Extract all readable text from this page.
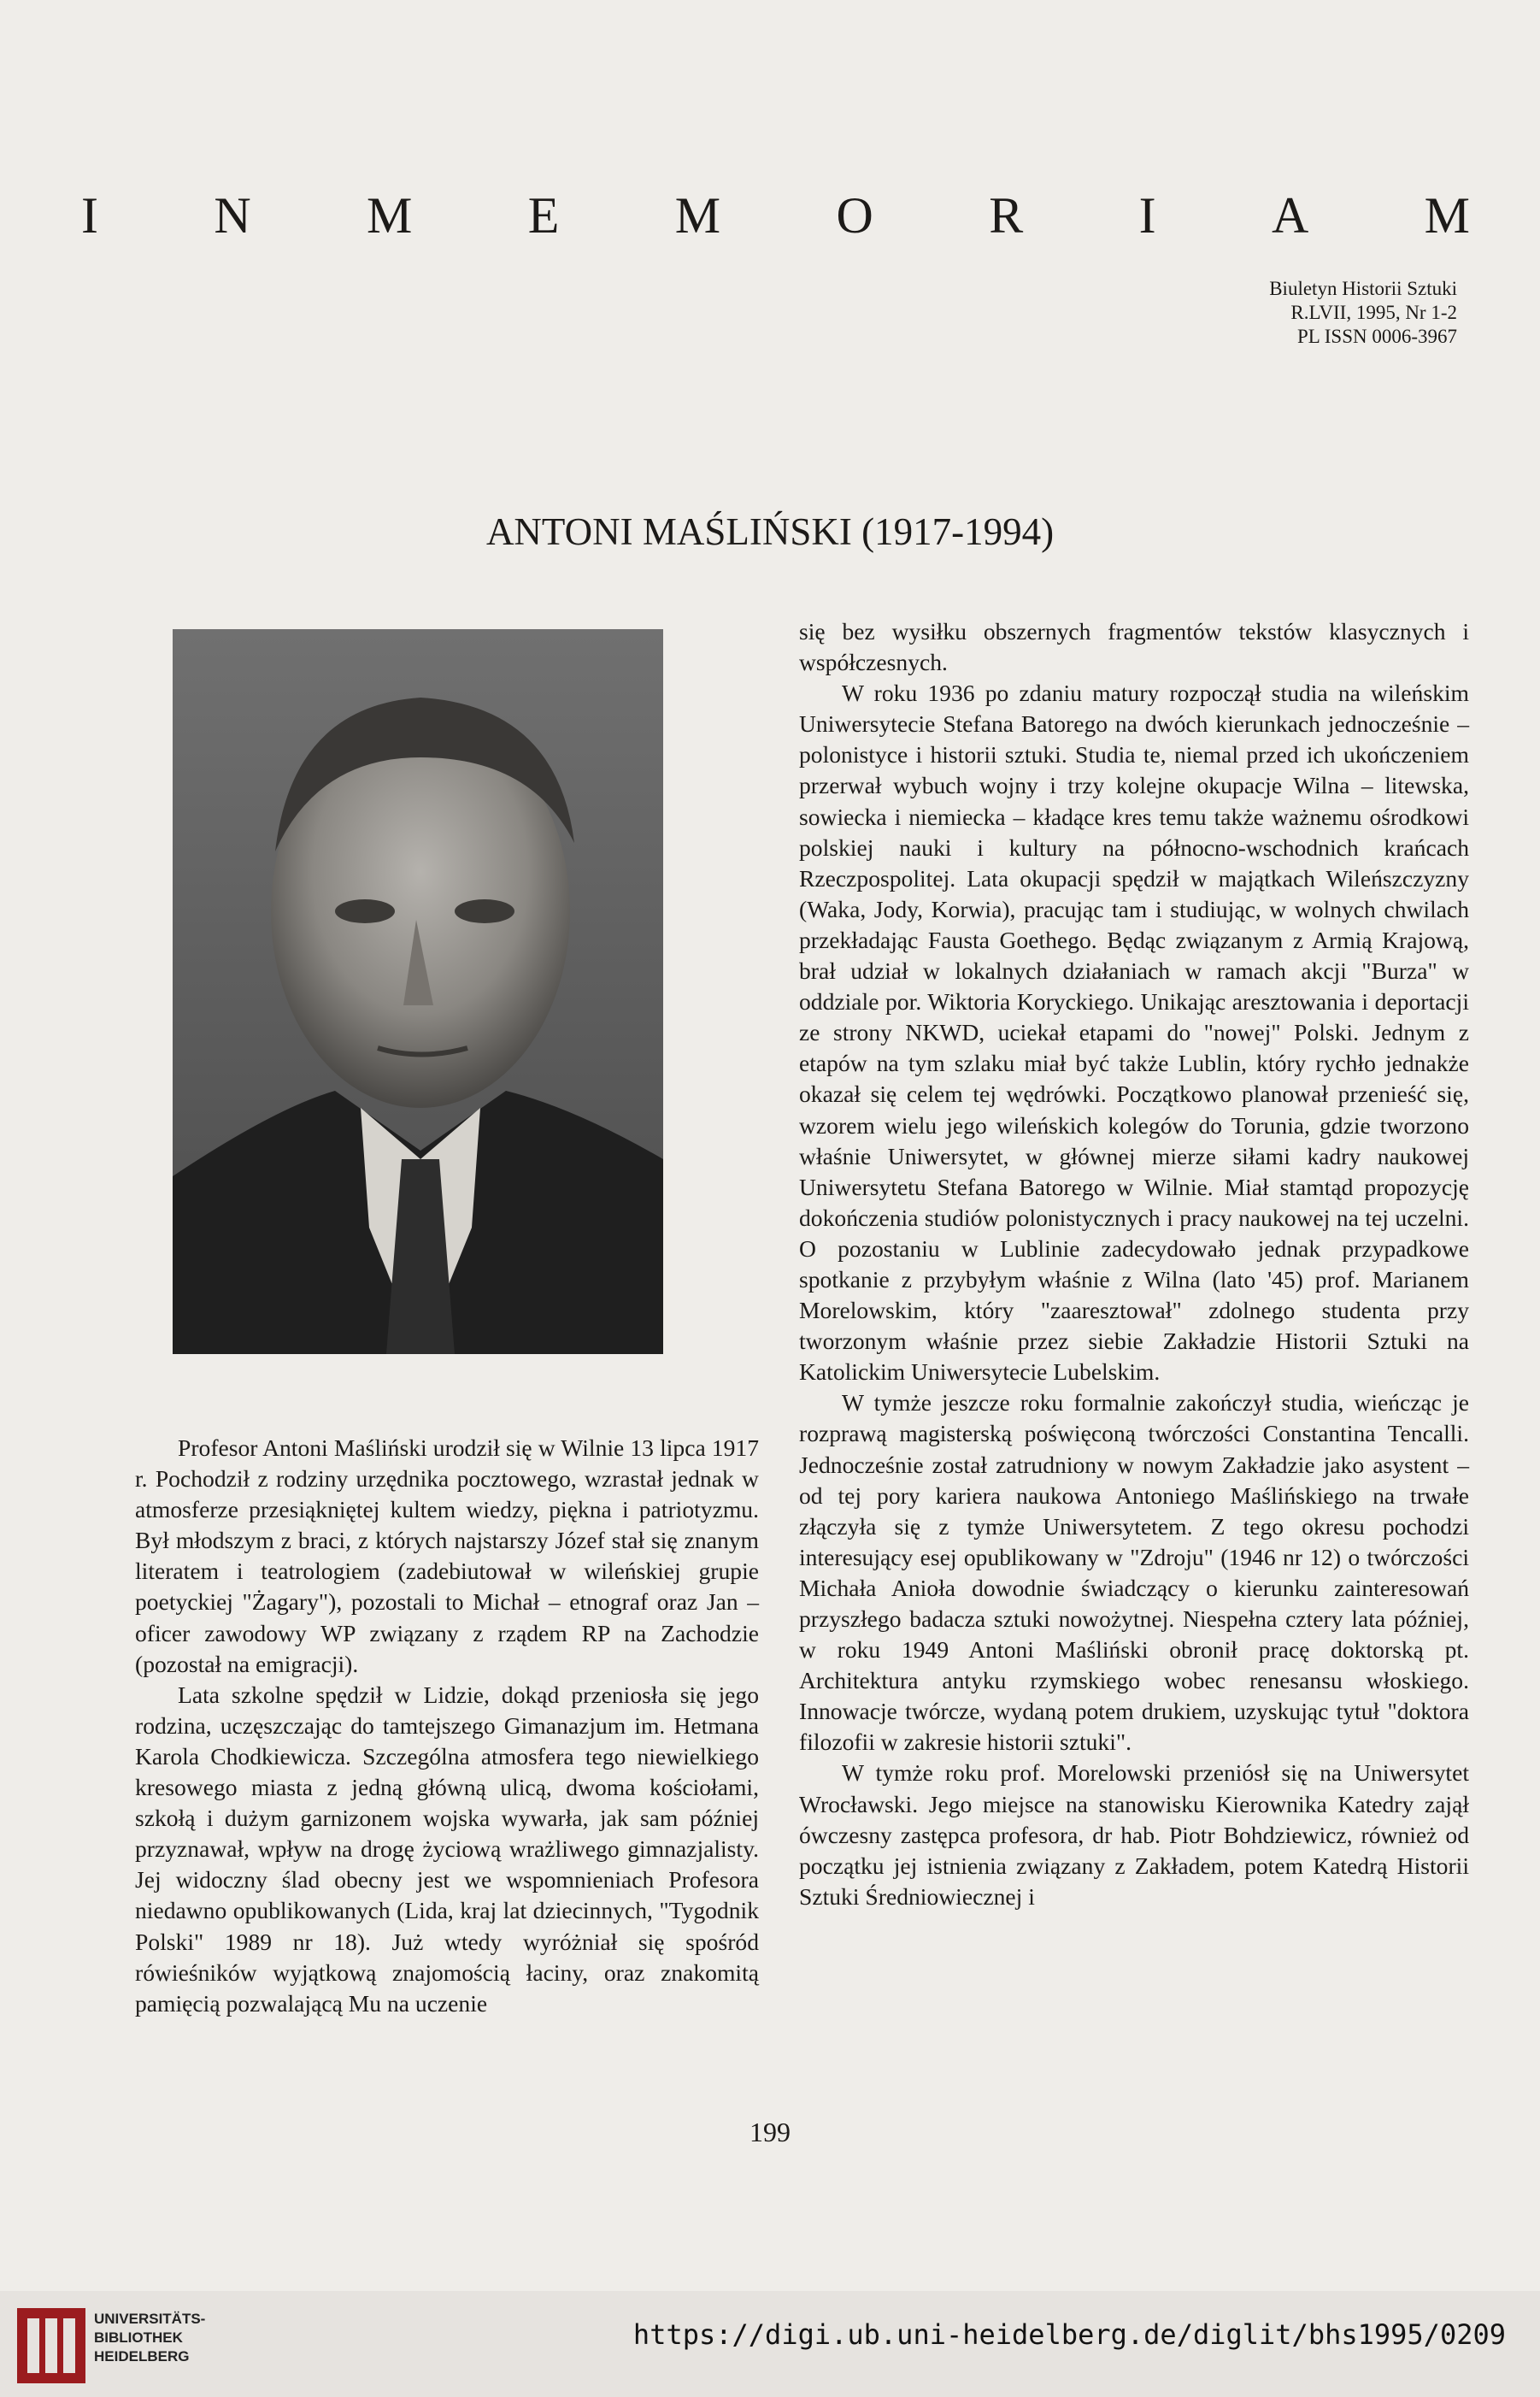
I N M E M O R I A M
Biuletyn Historii Sztuki
R.LVII, 1995, Nr 1-2
PL ISSN 0006-3967
ANTONI MAŚLIŃSKI (1917-1994)

Profesor Antoni Maśliński urodził się w Wilnie 13 lipca 1917 r. Pochodził z rodziny urzędnika pocztowego, wzrastał jednak w atmosferze przesiąkniętej kultem wiedzy, piękna i patriotyzmu. Był młodszym z braci, z których najstarszy Józef stał się znanym literatem i teatrologiem (zadebiutował w wileńskiej grupie poetyckiej "Żagary"), pozostali to Michał – etnograf oraz Jan – oficer zawodowy WP związany z rządem RP na Zachodzie (pozostał na emigracji).

Lata szkolne spędził w Lidzie, dokąd przeniosła się jego rodzina, uczęszczając do tamtejszego Gimanazjum im. Hetmana Karola Chodkiewicza. Szczególna atmosfera tego niewielkiego kresowego miasta z jedną główną ulicą, dwoma kościołami, szkołą i dużym garnizonem wojska wywarła, jak sam później przyznawał, wpływ na drogę życiową wrażliwego gimnazjalisty. Jej widoczny ślad obecny jest we wspomnieniach Profesora niedawno opublikowanych (Lida, kraj lat dziecinnych, "Tygodnik Polski" 1989 nr 18). Już wtedy wyróżniał się spośród rówieśników wyjątkową znajomością łaciny, oraz znakomitą pamięcią pozwalającą Mu na uczenie

się bez wysiłku obszernych fragmentów tekstów klasycznych i współczesnych.

W roku 1936 po zdaniu matury rozpoczął studia na wileńskim Uniwersytecie Stefana Batorego na dwóch kierunkach jednocześnie – polonistyce i historii sztuki. Studia te, niemal przed ich ukończeniem przerwał wybuch wojny i trzy kolejne okupacje Wilna – litewska, sowiecka i niemiecka – kładące kres temu także ważnemu ośrodkowi polskiej nauki i kultury na północno-wschodnich krańcach Rzeczpospolitej. Lata okupacji spędził w majątkach Wileńszczyzny (Waka, Jody, Korwia), pracując tam i studiując, w wolnych chwilach przekładając Fausta Goethego. Będąc związanym z Armią Krajową, brał udział w lokalnych działaniach w ramach akcji "Burza" w oddziale por. Wiktoria Koryckiego. Unikając aresztowania i deportacji ze strony NKWD, uciekał etapami do "nowej" Polski. Jednym z etapów na tym szlaku miał być także Lublin, który rychło jednakże okazał się celem tej wędrówki. Początkowo planował przenieść się, wzorem wielu jego wileńskich kolegów do Torunia, gdzie tworzono właśnie Uniwersytet, w głównej mierze siłami kadry naukowej Uniwersytetu Stefana Batorego w Wilnie. Miał stamtąd propozycję dokończenia studiów polonistycznych i pracy naukowej na tej uczelni. O pozostaniu w Lublinie zadecydowało jednak przypadkowe spotkanie z przybyłym właśnie z Wilna (lato '45) prof. Marianem Morelowskim, który "zaaresztował" zdolnego studenta przy tworzonym właśnie przez siebie Zakładzie Historii Sztuki na Katolickim Uniwersytecie Lubelskim.

W tymże jeszcze roku formalnie zakończył studia, wieńcząc je rozprawą magisterską poświęconą twórczości Constantina Tencalli. Jednocześnie został zatrudniony w nowym Zakładzie jako asystent – od tej pory kariera naukowa Antoniego Maślińskiego na trwałe złączyła się z tymże Uniwersytetem. Z tego okresu pochodzi interesujący esej opublikowany w "Zdroju" (1946 nr 12) o twórczości Michała Anioła dowodnie świadczący o kierunku zainteresowań przyszłego badacza sztuki nowożytnej. Niespełna cztery lata później, w roku 1949 Antoni Maśliński obronił pracę doktorską pt. Architektura antyku rzymskiego wobec renesansu włoskiego. Innowacje twórcze, wydaną potem drukiem, uzyskując tytuł "doktora filozofii w zakresie historii sztuki".

W tymże roku prof. Morelowski przeniósł się na Uniwersytet Wrocławski. Jego miejsce na stanowisku Kierownika Katedry zajął ówczesny zastępca profesora, dr hab. Piotr Bohdziewicz, również od początku jej istnienia związany z Zakładem, potem Katedrą Historii Sztuki Średniowiecznej i

199
UNIVERSITÄTS-
BIBLIOTHEK
HEIDELBERG
https://digi.ub.uni-heidelberg.de/diglit/bhs1995/0209
